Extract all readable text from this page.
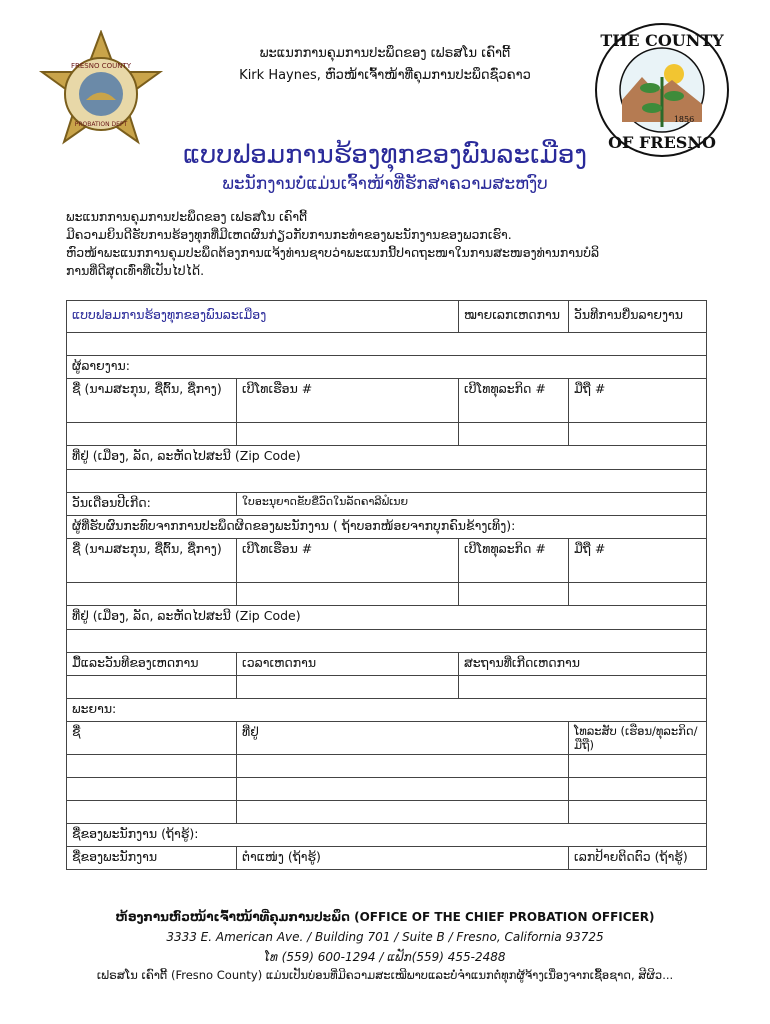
FRESNO COUNTY
PROBATION DEPT
THE COUNTY
OF FRESNO
1856
ພະແນກການຄຸມການປະພຶດຂອງ ເຟຣສໂນ ເຄົາຕີ້
Kirk Haynes, ຫົວໜ້າເຈົ້າໜ້າທີ່ຄຸມການປະພຶດຊົ່ວຄາວ
ແບບຟອມການຮ້ອງທຸກຂອງພົນລະເມືອງ
ພະນັກງານບໍ່ແມ່ນເຈົ້າໜ້າທີ່ຮັກສາຄວາມສະຫງົບ
ພະແນກການຄຸມການປະພຶດຂອງ ເຟຣສໂນ ເຄົາຕີ້
ມີຄວາມຍິນດີຮັບການຮ້ອງທຸກທີ່ມີເຫດຜົນກ່ຽວກັບການກະທຳຂອງພະນັກງານຂອງພວກເຮົາ.
ຫົວໜ້າພະແນກການຄຸມປະພຶດຕ້ອງການແຈ້ງທ່ານຊາບວ່າພະແນກນີ້ປາດຖະໜາໃນການສະໜອງທ່ານການບໍລິ
ການທີ່ດີສຸດເທົ່າທີ່ເປັນໄປໄດ້.
ແບບຟອມການຮ້ອງທຸກຂອງພົນລະເມືອງ		ໝາຍເລກເຫດການ	ວັນທີການຍື່ນລາຍງານ

ຜູ້ລາຍງານ:			
ຊື່ (ນາມສະກຸນ, ຊື່ຕົ້ນ, ຊື່ກາງ)	ເບີໂທເຮືອນ #	ເບີໂທທຸລະກິດ #	ມືຖື #

ທີ່ຢູ່ (ເມືອງ, ລັດ, ລະຫັດໄປສະນີ (Zip Code)			

ວັນເດືອນປີເກີດ:	ໃບອະນຸຍາດຂັບຂີ່ວົດໃນລັດຄາລີຟໍເນຍ		
ຜູ້ທີ່ຮັບຜົນກະທົບຈາກການປະພຶດຜິດຂອງພະນັກງານ ( ຖ້າບອກໜ້ອຍຈາກບຸກຄົນຂ້າງເທິງ):			
ຊື່ (ນາມສະກຸນ, ຊື່ຕົ້ນ, ຊື່ກາງ)	ເບີໂທເຮືອນ #	ເບີໂທທຸລະກິດ #	ມືຖື #

ທີ່ຢູ່ (ເມືອງ, ລັດ, ລະຫັດໄປສະນີ (Zip Code)			

ມື້ແລະວັນທີຂອງເຫດການ	ເວລາເຫດການ	ສະຖານທີ່ເກີດເຫດການ	

ພະຍານ:			
ຊື່	ທີ່ຢູ່		ໂທລະສັບ (ເຮືອນ/ທຸລະກິດ/ມືຖື)

ຊື່ຂອງພະນັກງານ (ຖ້າຮູ້):			
ຊື່ຂອງພະນັກງານ	ຕຳແໜ່ງ (ຖ້າຮູ້)		ເລກປ້າຍຕິດຕົວ (ຖ້າຮູ້)
ຫ້ອງການຫົວໜ້າເຈົ້າໜ້າທີ່ຄຸມການປະພຶດ (OFFICE OF THE CHIEF PROBATION OFFICER)
3333 E. American Ave. / Building 701 / Suite B / Fresno, California 93725
ໂທ (559) 600-1294 / ແຟັກ(559) 455-2488
ເຟຣສໂນ ເຄົາຕີ້ (Fresno County) ແມ່ນເປັນບ່ອນທີ່ມີຄວາມສະເໝີພາບແລະບໍ່ຈຳແນກຕໍ່ທຸກຜູ້ຈ້າງເນື່ອງຈາກເຊື້ອຊາດ, ສີຜິວ...
